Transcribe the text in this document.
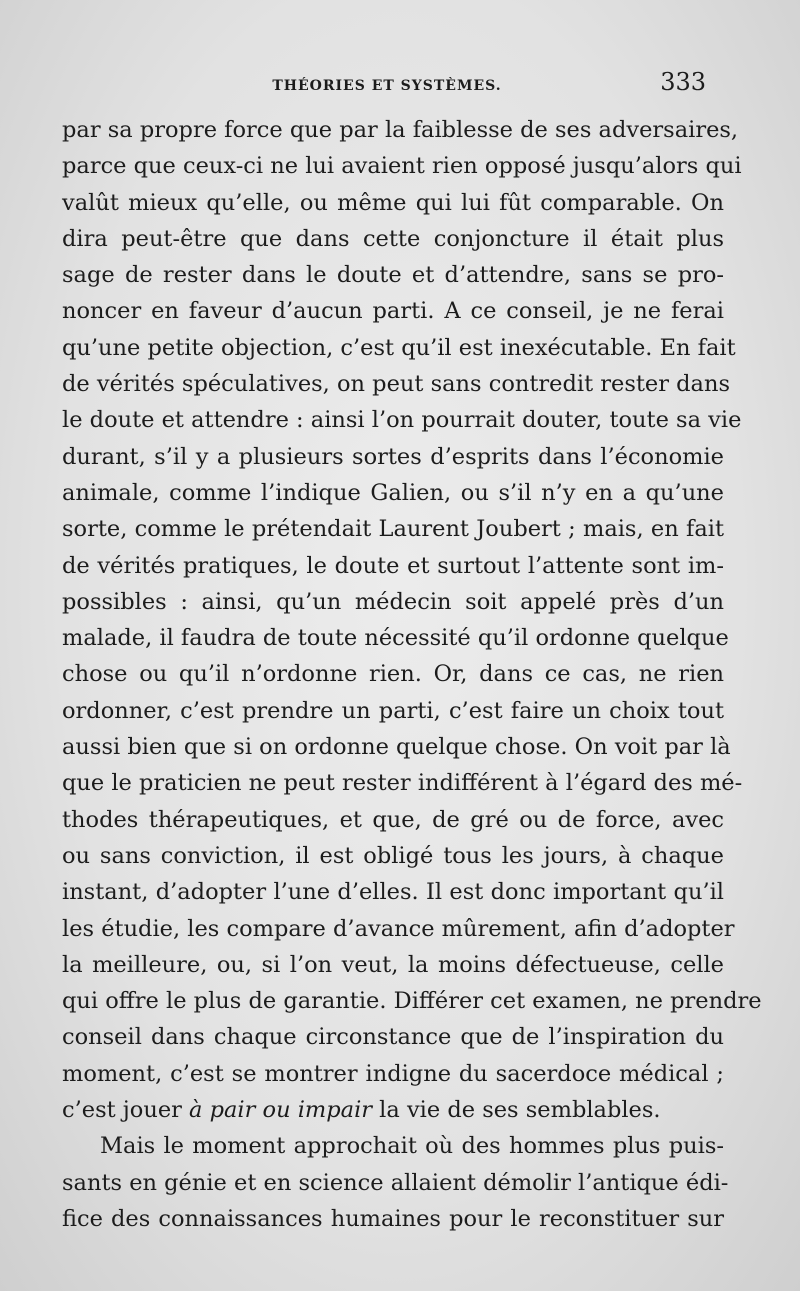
THÉORIES ET SYSTÈMES.	333
par sa propre force que par la faiblesse de ses adversaires,
parce que ceux-ci ne lui avaient rien opposé jusqu’alors qui
valût mieux qu’elle, ou même qui lui fût comparable. On
dira peut-être que dans cette conjoncture il était plus
sage de rester dans le doute et d’attendre, sans se pro-
noncer en faveur d’aucun parti. A ce conseil, je ne ferai
qu’une petite objection, c’est qu’il est inexécutable. En fait
de vérités spéculatives, on peut sans contredit rester dans
le doute et attendre : ainsi l’on pourrait douter, toute sa vie
durant, s’il y a plusieurs sortes d’esprits dans l’économie
animale, comme l’indique Galien, ou s’il n’y en a qu’une
sorte, comme le prétendait Laurent Joubert ; mais, en fait
de vérités pratiques, le doute et surtout l’attente sont im-
possibles : ainsi, qu’un médecin soit appelé près d’un
malade, il faudra de toute nécessité qu’il ordonne quelque
chose ou qu’il n’ordonne rien. Or, dans ce cas, ne rien
ordonner, c’est prendre un parti, c’est faire un choix tout
aussi bien que si on ordonne quelque chose. On voit par là
que le praticien ne peut rester indifférent à l’égard des mé-
thodes thérapeutiques, et que, de gré ou de force, avec
ou sans conviction, il est obligé tous les jours, à chaque
instant, d’adopter l’une d’elles. Il est donc important qu’il
les étudie, les compare d’avance mûrement, afin d’adopter
la meilleure, ou, si l’on veut, la moins défectueuse, celle
qui offre le plus de garantie. Différer cet examen, ne prendre
conseil dans chaque circonstance que de l’inspiration du
moment, c’est se montrer indigne du sacerdoce médical ;
c’est jouer à pair ou impair la vie de ses semblables.
Mais le moment approchait où des hommes plus puis-
sants en génie et en science allaient démolir l’antique édi-
fice des connaissances humaines pour le reconstituer sur
